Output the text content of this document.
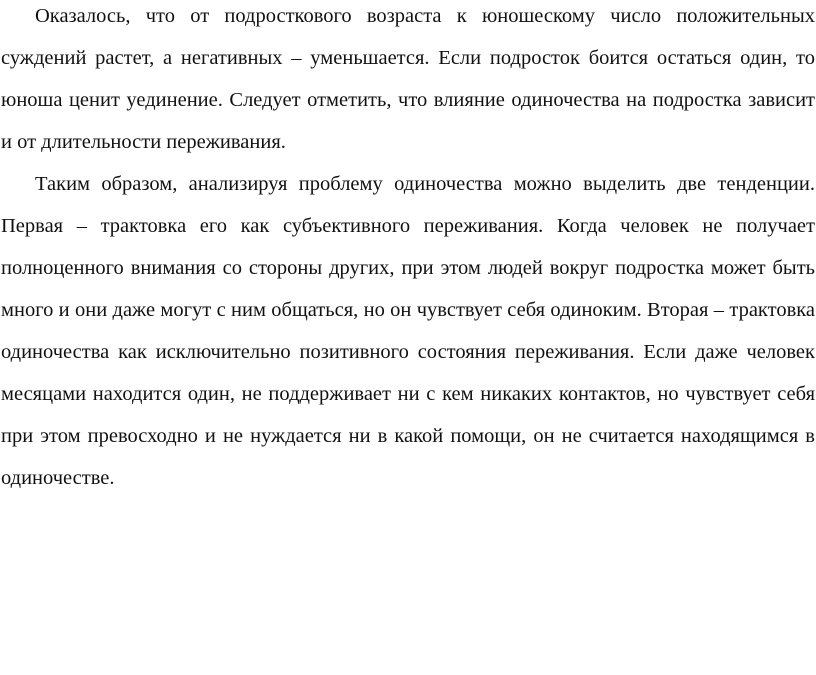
Оказалось, что от подросткового возраста к юношескому число положительных суждений растет, а негативных – уменьшается. Если подросток боится остаться один, то юноша ценит уединение. Следует отметить, что влияние одиночества на подростка зависит и от длительности переживания.

Таким образом, анализируя проблему одиночества можно выделить две тенденции. Первая – трактовка его как субъективного переживания. Когда человек не получает полноценного внимания со стороны других, при этом людей вокруг подростка может быть много и они даже могут с ним общаться, но он чувствует себя одиноким. Вторая – трактовка одиночества как исключительно позитивного состояния переживания. Если даже человек месяцами находится один, не поддерживает ни с кем никаких контактов, но чувствует себя при этом превосходно и не нуждается ни в какой помощи, он не считается находящимся в одиночестве.
